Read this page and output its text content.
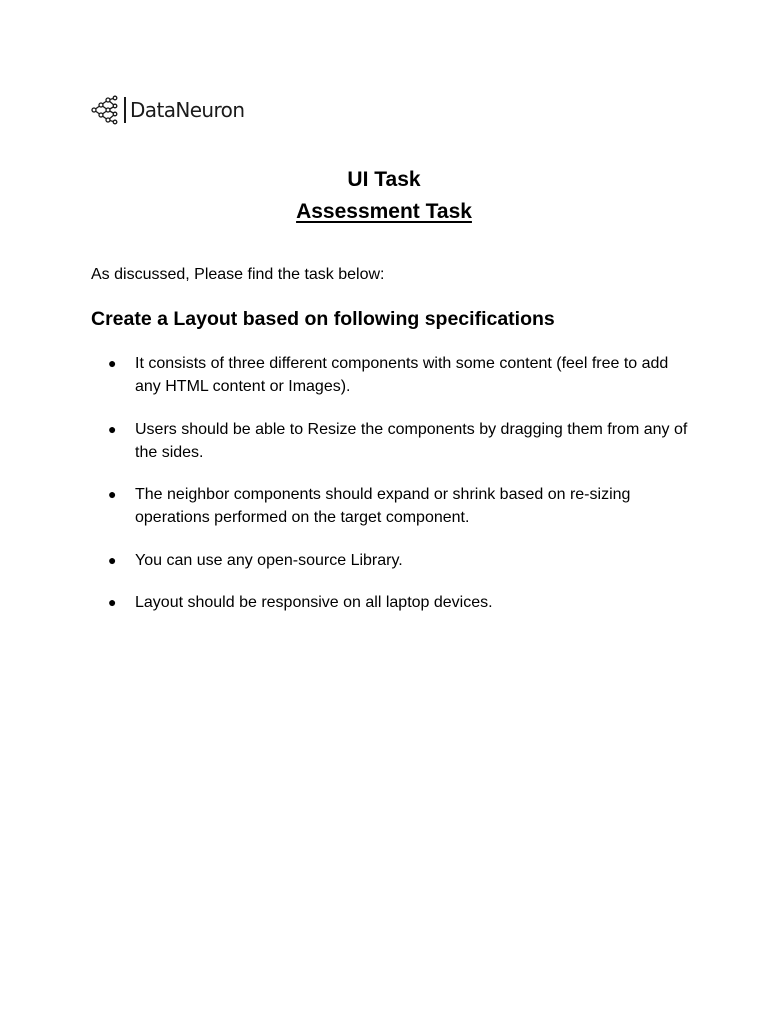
DataNeuron
UI Task
Assessment Task

As discussed, Please find the task below:

Create a Layout based on following specifications
● It consists of three different components with some content (feel free to add any HTML content or Images).
● Users should be able to Resize the components by dragging them from any of the sides.
● The neighbor components should expand or shrink based on re-sizing operations performed on the target component.
● You can use any open-source Library.
● Layout should be responsive on all laptop devices.
